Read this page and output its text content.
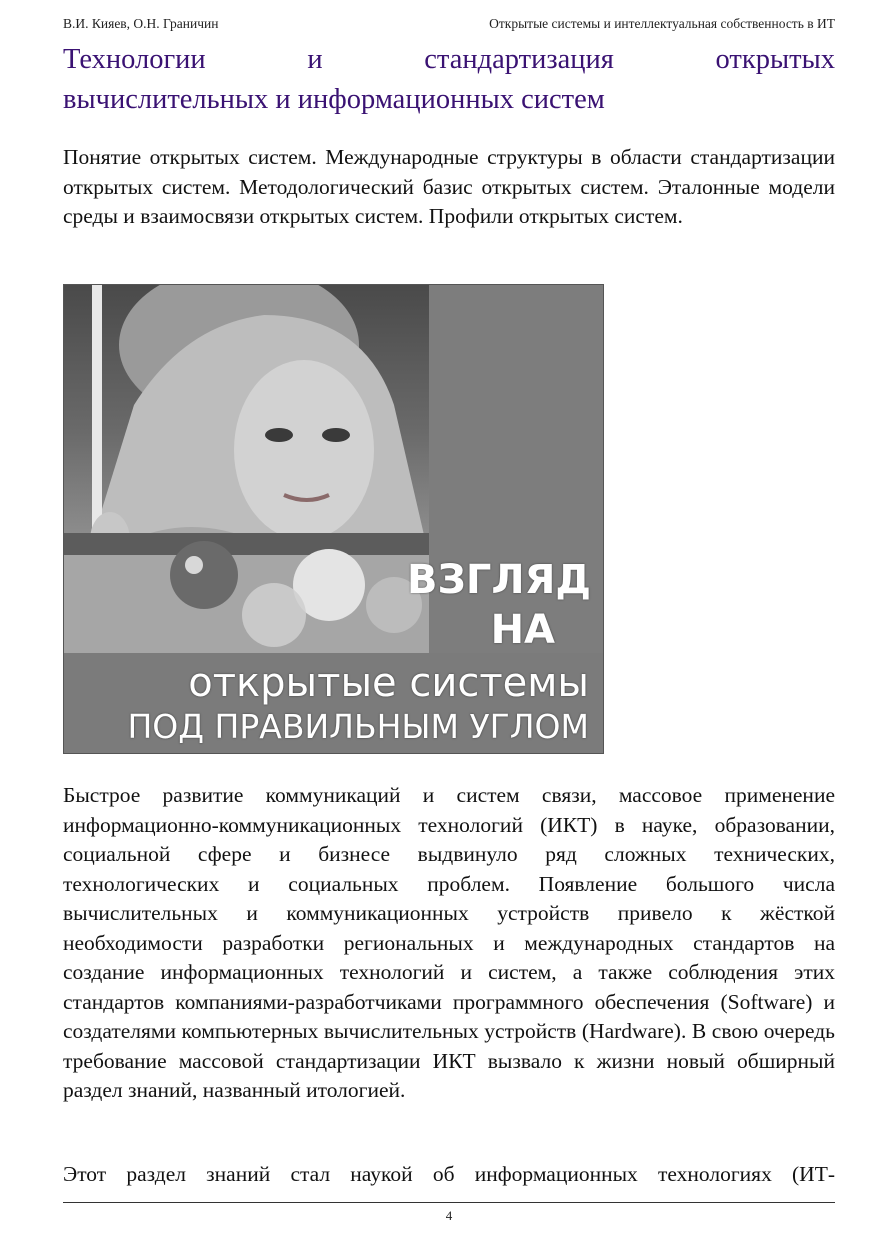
В.И. Кияев, О.Н. Граничин	Открытые системы и интеллектуальная собственность в ИТ
Технологии и стандартизация открытых
вычислительных и информационных систем

Понятие открытых систем. Международные структуры в области стандартизации открытых систем. Методологический базис открытых систем. Эталонные модели среды и взаимосвязи открытых систем. Профили открытых систем.

ВЗГЛЯД
НА
открытые системы
ПОД ПРАВИЛЬНЫМ УГЛОМ

Быстрое развитие коммуникаций и систем связи, массовое применение информационно-коммуникационных технологий (ИКТ) в науке, образовании, социальной сфере и бизнесе выдвинуло ряд сложных технических, технологических и социальных проблем. Появление большого числа вычислительных и коммуникационных устройств привело к жёсткой необходимости разработки региональных и международных стандартов на создание информационных технологий и систем, а также соблюдения этих стандартов компаниями-разработчиками программного обеспечения (Software) и создателями компьютерных вычислительных устройств (Hardware). В свою очередь требование массовой стандартизации ИКТ вызвало к жизни новый обширный раздел знаний, названный итологией.

Этот раздел знаний стал наукой об информационных технологиях (ИТ-

4
